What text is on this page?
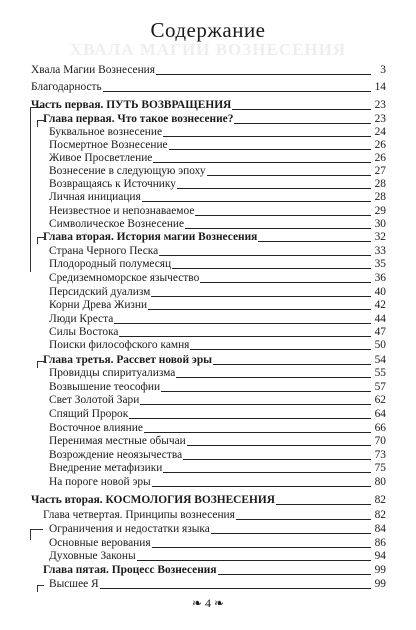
ХВАЛА МАГИИ ВОЗНЕСЕНИЯ
Содержание
Хвала Магии Вознесения	3
Благодарность	14
Часть первая. ПУТЬ ВОЗВРАЩЕНИЯ	23
Глава первая. Что такое вознесение?	23
Буквальное вознесение	24
Посмертное Вознесение	26
Живое Просветление	26
Вознесение в следующую эпоху	27
Возвращаясь к Источнику	28
Личная инициация	28
Неизвестное и непознаваемое	29
Символическое Вознесение	30
Глава вторая. История магии Вознесения	32
Страна Черного Песка	33
Плодородный полумесяц	35
Средиземноморское язычество	36
Персидский дуализм	40
Корни Древа Жизни	42
Люди Креста	44
Силы Востока	47
Поиски философского камня	50
Глава третья. Рассвет новой эры	54
Провидцы спиритуализма	55
Возвышение теософии	57
Свет Золотой Зари	62
Спящий Пророк	64
Восточное влияние	66
Перенимая местные обычаи	70
Возрождение неоязычества	73
Внедрение метафизики	75
На пороге новой эры	80
Часть вторая. КОСМОЛОГИЯ ВОЗНЕСЕНИЯ	82
Глава четвертая. Принципы вознесения	82
Ограничения и недостатки языка	84
Основные верования	86
Духовные Законы	94
Глава пятая. Процесс Вознесения	99
Высшее Я	99
❧ 4 ❧
